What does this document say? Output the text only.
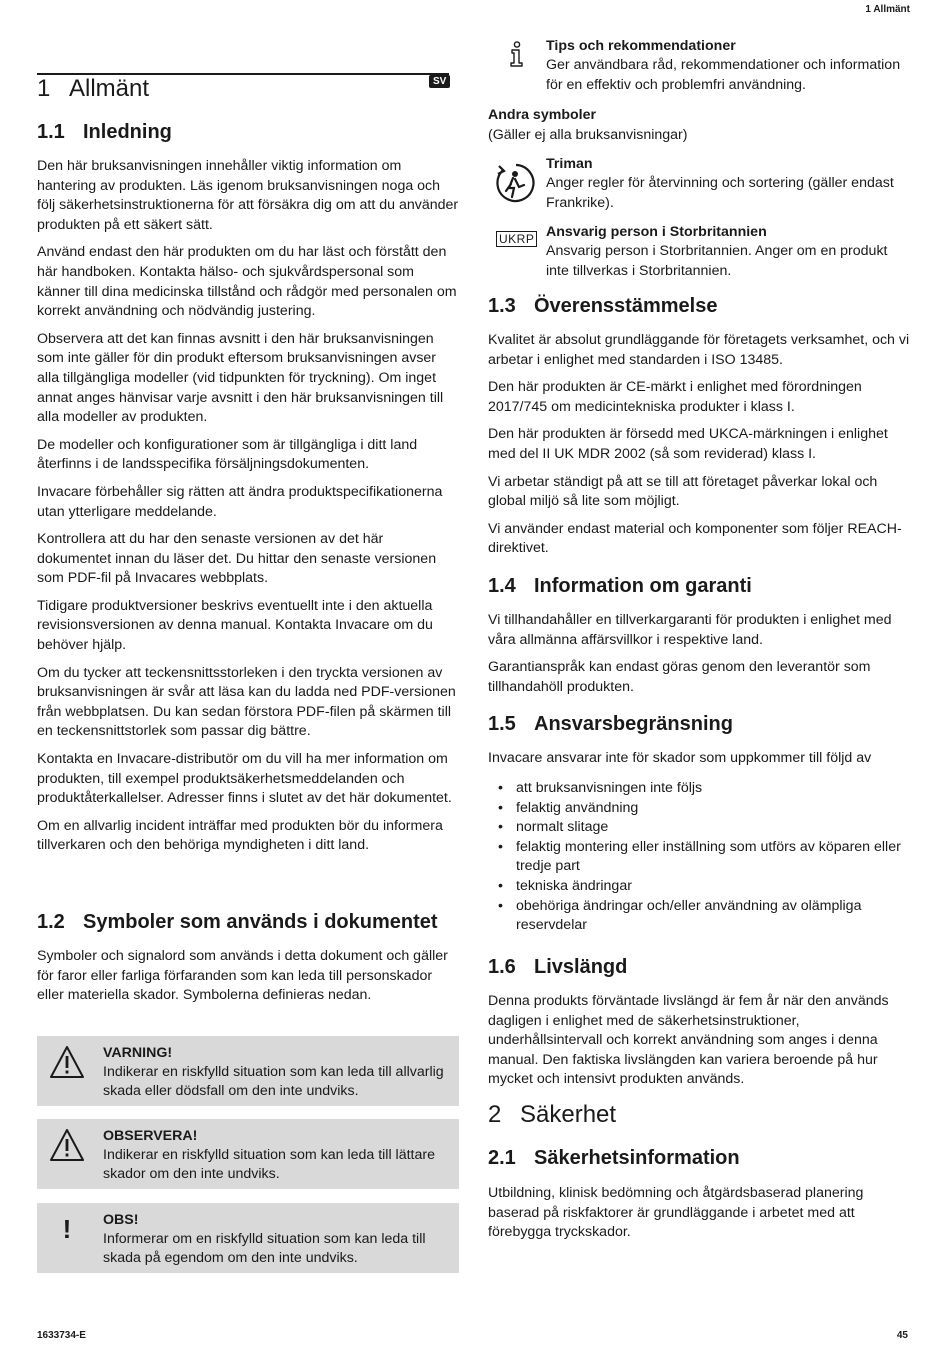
1 Allmänt
SV
1 Allmänt
1.1 Inledning

Den här bruksanvisningen innehåller viktig information om hantering av produkten. Läs igenom bruksanvisningen noga och följ säkerhetsinstruktionerna för att försäkra dig om att du använder produkten på ett säkert sätt.

Använd endast den här produkten om du har läst och förstått den här handboken. Kontakta hälso- och sjukvårdspersonal som känner till dina medicinska tillstånd och rådgör med personalen om korrekt användning och nödvändig justering.

Observera att det kan finnas avsnitt i den här bruksanvisningen som inte gäller för din produkt eftersom bruksanvisningen avser alla tillgängliga modeller (vid tidpunkten för tryckning). Om inget annat anges hänvisar varje avsnitt i den här bruksanvisningen till alla modeller av produkten.

De modeller och konfigurationer som är tillgängliga i ditt land återfinns i de landsspecifika försäljningsdokumenten.

Invacare förbehåller sig rätten att ändra produktspecifikationerna utan ytterligare meddelande.

Kontrollera att du har den senaste versionen av det här dokumentet innan du läser det. Du hittar den senaste versionen som PDF-fil på Invacares webbplats.

Tidigare produktversioner beskrivs eventuellt inte i den aktuella revisionsversionen av denna manual. Kontakta Invacare om du behöver hjälp.

Om du tycker att teckensnittsstorleken i den tryckta versionen av bruksanvisningen är svår att läsa kan du ladda ned PDF-versionen från webbplatsen. Du kan sedan förstora PDF-filen på skärmen till en teckensnittstorlek som passar dig bättre.

Kontakta en Invacare-distributör om du vill ha mer information om produkten, till exempel produktsäkerhetsmeddelanden och produktåterkallelser. Adresser finns i slutet av det här dokumentet.

Om en allvarlig incident inträffar med produkten bör du informera tillverkaren och den behöriga myndigheten i ditt land.

1.2 Symboler som används i dokumentet

Symboler och signalord som används i detta dokument och gäller för faror eller farliga förfaranden som kan leda till personskador eller materiella skador. Symbolerna definieras nedan.

VARNING!
Indikerar en riskfylld situation som kan leda till allvarlig skada eller dödsfall om den inte undviks.
OBSERVERA!
Indikerar en riskfylld situation som kan leda till lättare skador om den inte undviks.
!	OBS!
Informerar om en riskfylld situation som kan leda till skada på egendom om den inte undviks.
Tips och rekommendationer
Ger användbara råd, rekommendationer och information för en effektiv och problemfri användning.

Andra symboler

(Gäller ej alla bruksanvisningar)

Triman
Anger regler för återvinning och sortering (gäller endast Frankrike).
UKRP Ansvarig person i Storbritannien
Ansvarig person i Storbritannien. Anger om en produkt inte tillverkas i Storbritannien.
1.3 Överensstämmelse

Kvalitet är absolut grundläggande för företagets verksamhet, och vi arbetar i enlighet med standarden i ISO 13485.

Den här produkten är CE-märkt i enlighet med förordningen 2017/745 om medicintekniska produkter i klass I.

Den här produkten är försedd med UKCA-märkningen i enlighet med del II UK MDR 2002 (så som reviderad) klass I.

Vi arbetar ständigt på att se till att företaget påverkar lokal och global miljö så lite som möjligt.

Vi använder endast material och komponenter som följer REACH-direktivet.

1.4 Information om garanti

Vi tillhandahåller en tillverkargaranti för produkten i enlighet med våra allmänna affärsvillkor i respektive land.

Garantianspråk kan endast göras genom den leverantör som tillhandahöll produkten.

1.5 Ansvarsbegränsning

Invacare ansvarar inte för skador som uppkommer till följd av

• att bruksanvisningen inte följs
• felaktig användning
• normalt slitage
• felaktig montering eller inställning som utförs av köparen eller tredje part
• tekniska ändringar
• obehöriga ändringar och/eller användning av olämpliga reservdelar
1.6 Livslängd

Denna produkts förväntade livslängd är fem år när den används dagligen i enlighet med de säkerhetsinstruktioner, underhållsintervall och korrekt användning som anges i denna manual. Den faktiska livslängden kan variera beroende på hur mycket och intensivt produkten används.

2 Säkerhet
2.1 Säkerhetsinformation

Utbildning, klinisk bedömning och åtgärdsbaserad planering baserad på riskfaktorer är grundläggande i arbetet med att förebygga tryckskador.

1633734-E	45
